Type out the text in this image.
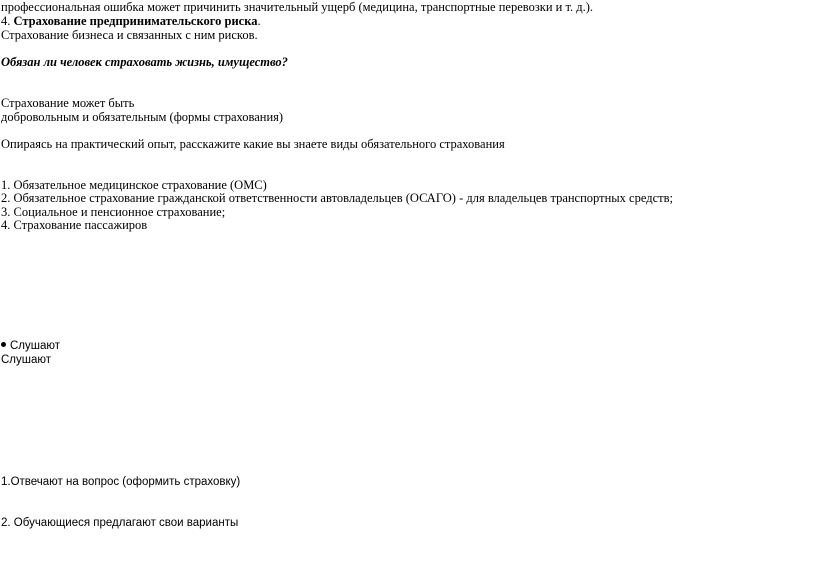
профессиональная ошибка может причинить значительный ущерб (медицина, транспортные перевозки и т. д.).
4. Страхование предпринимательского риска.
Страхование бизнеса и связанных с ним рисков.
Обязан ли человек страховать жизнь, имущество?
Страхование может быть
добровольным и обязательным (формы страхования)
Опираясь на практический опыт, расскажите какие вы знаете виды обязательного страхования
1. Обязательное медицинское страхование (ОМС)
2. Обязательное страхование гражданской ответственности автовладельцев (ОСАГО) - для владельцев транспортных средств;
3. Социальное и пенсионное страхование;
4. Страхование пассажиров
Слушают
Слушают
1.Отвечают на вопрос (оформить страховку)
2. Обучающиеся предлагают свои варианты
